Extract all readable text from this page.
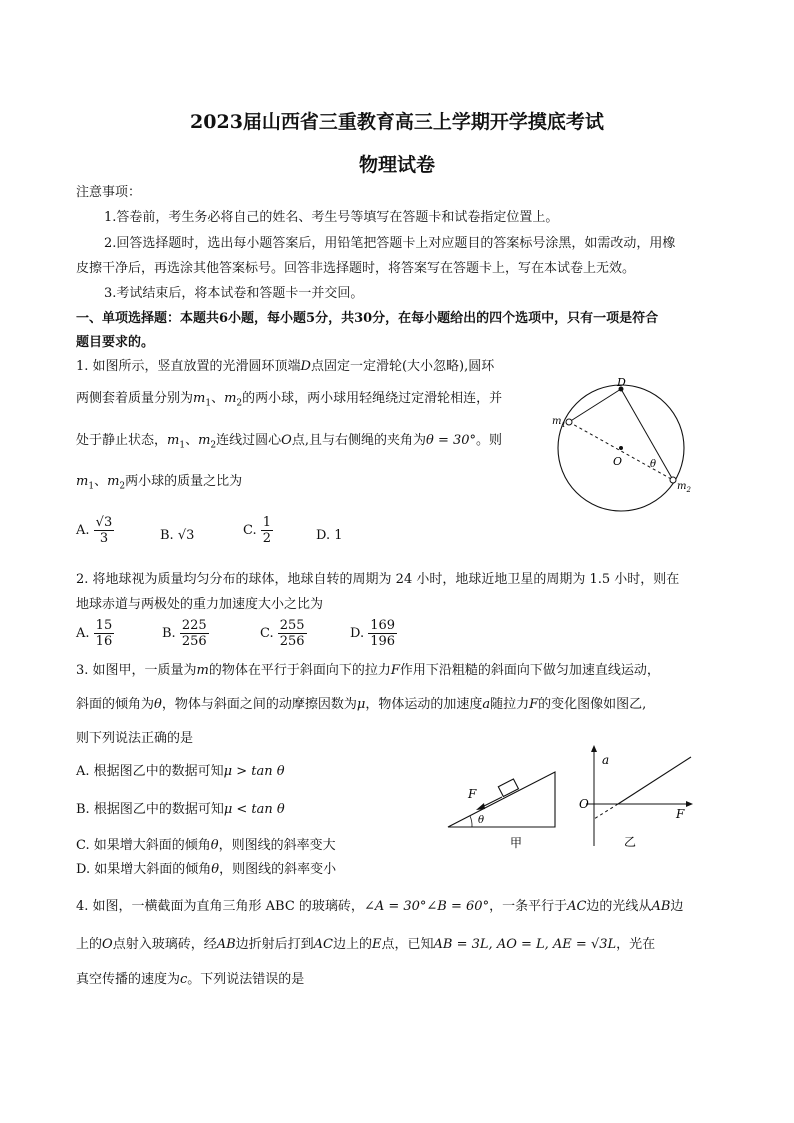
2023届山西省三重教育高三上学期开学摸底考试
物理试卷
注意事项：
1.答卷前，考生务必将自己的姓名、考生号等填写在答题卡和试卷指定位置上。
2.回答选择题时，选出每小题答案后，用铅笔把答题卡上对应题目的答案标号涂黑，如需改动，用橡
皮擦干净后，再选涂其他答案标号。回答非选择题时，将答案写在答题卡上，写在本试卷上无效。
3.考试结束后，将本试卷和答题卡一并交回。
一、单项选择题：本题共6小题，每小题5分，共30分，在每小题给出的四个选项中，只有一项是符合
题目要求的。
1. 如图所示，竖直放置的光滑圆环顶端D点固定一定滑轮(大小忽略),圆环
两侧套着质量分别为$m_1$、$m_2$的两小球，两小球用轻绳绕过定滑轮相连，并
处于静止状态，$m_1$、$m_2$连线过圆心O点,且与右侧绳的夹角为θ = 30°。则
$m_1$、$m_2$两小球的质量之比为
A. $\frac{√3}{3}$	B. √3	C. $\frac{1}{2}$	D. 1
D
$m_1$
O	θ
$m_2$
2. 将地球视为质量均匀分布的球体，地球自转的周期为 24 小时，地球近地卫星的周期为 1.5 小时，则在
地球赤道与两极处的重力加速度大小之比为
A. $\frac{15}{16}$	B. $\frac{225}{256}$	C. $\frac{255}{256}$	D. $\frac{169}{196}$
3. 如图甲，一质量为m的物体在平行于斜面向下的拉力F作用下沿粗糙的斜面向下做匀加速直线运动，
斜面的倾角为θ，物体与斜面之间的动摩擦因数为μ，物体运动的加速度a随拉力F的变化图像如图乙,
则下列说法正确的是
A. 根据图乙中的数据可知μ > tan θ
B. 根据图乙中的数据可知μ < tan θ
C. 如果增大斜面的倾角θ，则图线的斜率变大
D. 如果增大斜面的倾角θ，则图线的斜率变小
F
θ
甲
a
O
F
乙
4. 如图，一横截面为直角三角形 ABC 的玻璃砖，∠A = 30°∠B = 60°，一条平行于AC边的光线从AB边
上的O点射入玻璃砖，经AB边折射后打到AC边上的E点，已知AB = 3L, AO = L, AE = √3L，光在
真空传播的速度为c。下列说法错误的是
